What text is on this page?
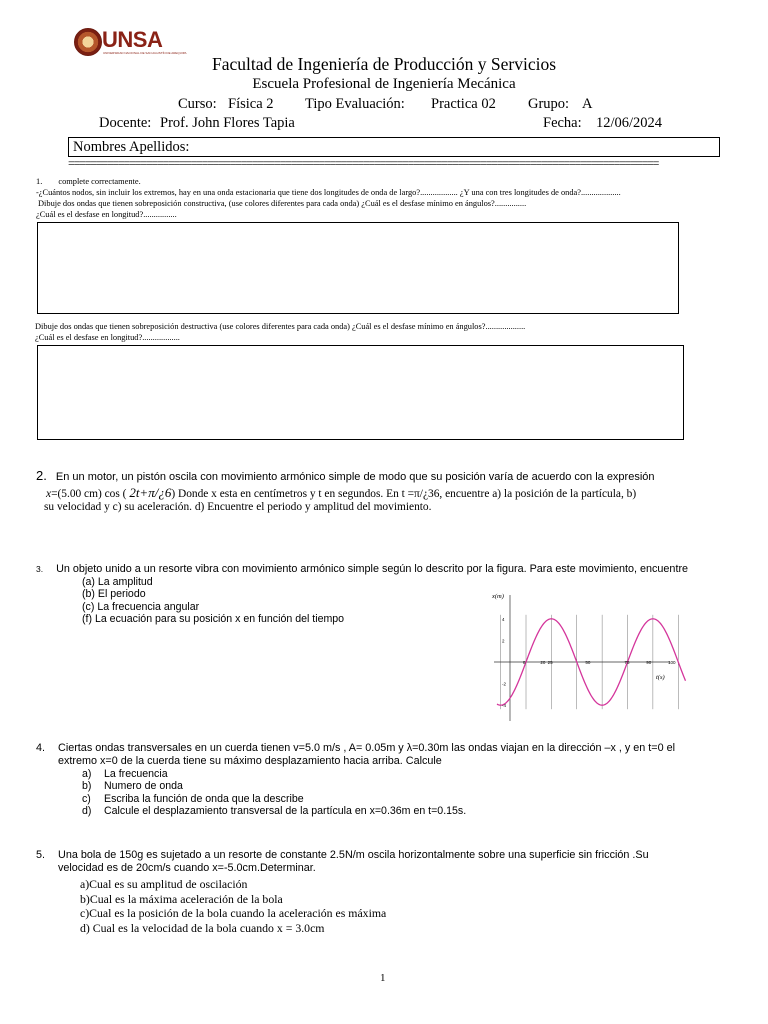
UNSA
UNIVERSIDAD NACIONAL DE SAN AGUSTÍN DE AREQUIPA
Facultad de Ingeniería de Producción y Servicios
Escuela Profesional de Ingeniería Mecánica
Curso: Física 2 Tipo Evaluación: Practica 02 Grupo: A
Docente: Prof. John Flores Tapia	Fecha: 12/06/2024
Nombres Apellidos:
==========================================================================================================
1. complete correctamente.
-¿Cuántos nodos, sin incluir los extremos, hay en una onda estacionaria que tiene dos longitudes de onda de largo?.................. ¿Y una con tres longitudes de onda?...................
Dibuje dos ondas que tienen sobreposición constructiva, (use colores diferentes para cada onda) ¿Cuál es el desfase mínimo en ángulos?...............
¿Cuál es el desfase en longitud?................
Dibuje dos ondas que tienen sobreposición destructiva (use colores diferentes para cada onda) ¿Cuál es el desfase mínimo en ángulos?...................
¿Cuál es el desfase en longitud?..................
2. En un motor, un pistón oscila con movimiento armónico simple de modo que su posición varía de acuerdo con la expresión
x=(5.00 cm) cos ( 2t+π/¿6) Donde x esta en centímetros y t en segundos. En t =π/¿36, encuentre a) la posición de la partícula, b)
su velocidad y c) su aceleración. d) Encuentre el periodo y amplitud del movimiento.
3. Un objeto unido a un resorte vibra con movimiento armónico simple según lo descrito por la figura. Para este movimiento, encuentre
(a) La amplitud
(b) El periodo
(c) La frecuencia angular
(f) La ecuación para su posición x en función del tiempo
x(m)
t(s)
8	20 25	50	75	90	100
4
2
-2
-4
4. Ciertas ondas transversales en un cuerda tienen v=5.0 m/s , A= 0.05m y λ=0.30m las ondas viajan en la dirección –x , y en t=0 el
extremo x=0 de la cuerda tiene su máximo desplazamiento hacia arriba. Calcule
a) La frecuencia
b) Numero de onda
c) Escriba la función de onda que la describe
d) Calcule el desplazamiento transversal de la partícula en x=0.36m en t=0.15s.
5. Una bola de 150g es sujetado a un resorte de constante 2.5N/m oscila horizontalmente sobre una superficie sin fricción .Su
velocidad es de 20cm/s cuando x=-5.0cm.Determinar.
a)Cual es su amplitud de oscilación
b)Cual es la máxima aceleración de la bola
c)Cual es la posición de la bola cuando la aceleración es máxima
d) Cual es la velocidad de la bola cuando x = 3.0cm
1
